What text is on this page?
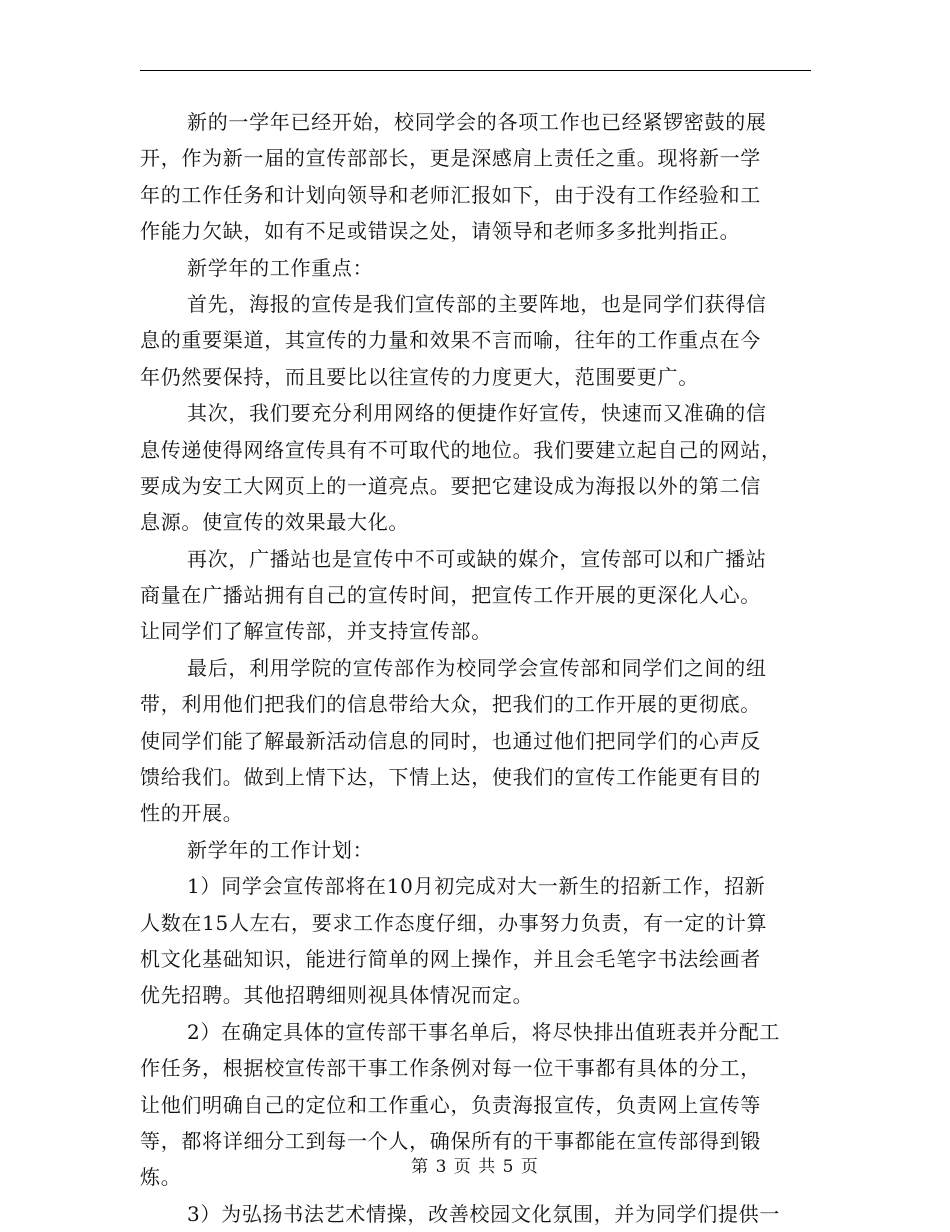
新的一学年已经开始，校同学会的各项工作也已经紧锣密鼓的展
开，作为新一届的宣传部部长，更是深感肩上责任之重。现将新一学
年的工作任务和计划向领导和老师汇报如下，由于没有工作经验和工
作能力欠缺，如有不足或错误之处，请领导和老师多多批判指正。
新学年的工作重点：
首先，海报的宣传是我们宣传部的主要阵地，也是同学们获得信
息的重要渠道，其宣传的力量和效果不言而喻，往年的工作重点在今
年仍然要保持，而且要比以往宣传的力度更大，范围要更广。
其次，我们要充分利用网络的便捷作好宣传，快速而又准确的信
息传递使得网络宣传具有不可取代的地位。我们要建立起自己的网站，
要成为安工大网页上的一道亮点。要把它建设成为海报以外的第二信
息源。使宣传的效果最大化。
再次，广播站也是宣传中不可或缺的媒介，宣传部可以和广播站
商量在广播站拥有自己的宣传时间，把宣传工作开展的更深化人心。
让同学们了解宣传部，并支持宣传部。
最后，利用学院的宣传部作为校同学会宣传部和同学们之间的纽
带，利用他们把我们的信息带给大众，把我们的工作开展的更彻底。
使同学们能了解最新活动信息的同时，也通过他们把同学们的心声反
馈给我们。做到上情下达，下情上达，使我们的宣传工作能更有目的
性的开展。
新学年的工作计划：
1）同学会宣传部将在10月初完成对大一新生的招新工作，招新
人数在15人左右，要求工作态度仔细，办事努力负责，有一定的计算
机文化基础知识，能进行简单的网上操作，并且会毛笔字书法绘画者
优先招聘。其他招聘细则视具体情况而定。
2）在确定具体的宣传部干事名单后，将尽快排出值班表并分配工
作任务，根据校宣传部干事工作条例对每一位干事都有具体的分工，
让他们明确自己的定位和工作重心，负责海报宣传，负责网上宣传等
等，都将详细分工到每一个人，确保所有的干事都能在宣传部得到锻
炼。
3）为弘扬书法艺术情操，改善校园文化氛围，并为同学们提供一
第 3 页 共 5 页
